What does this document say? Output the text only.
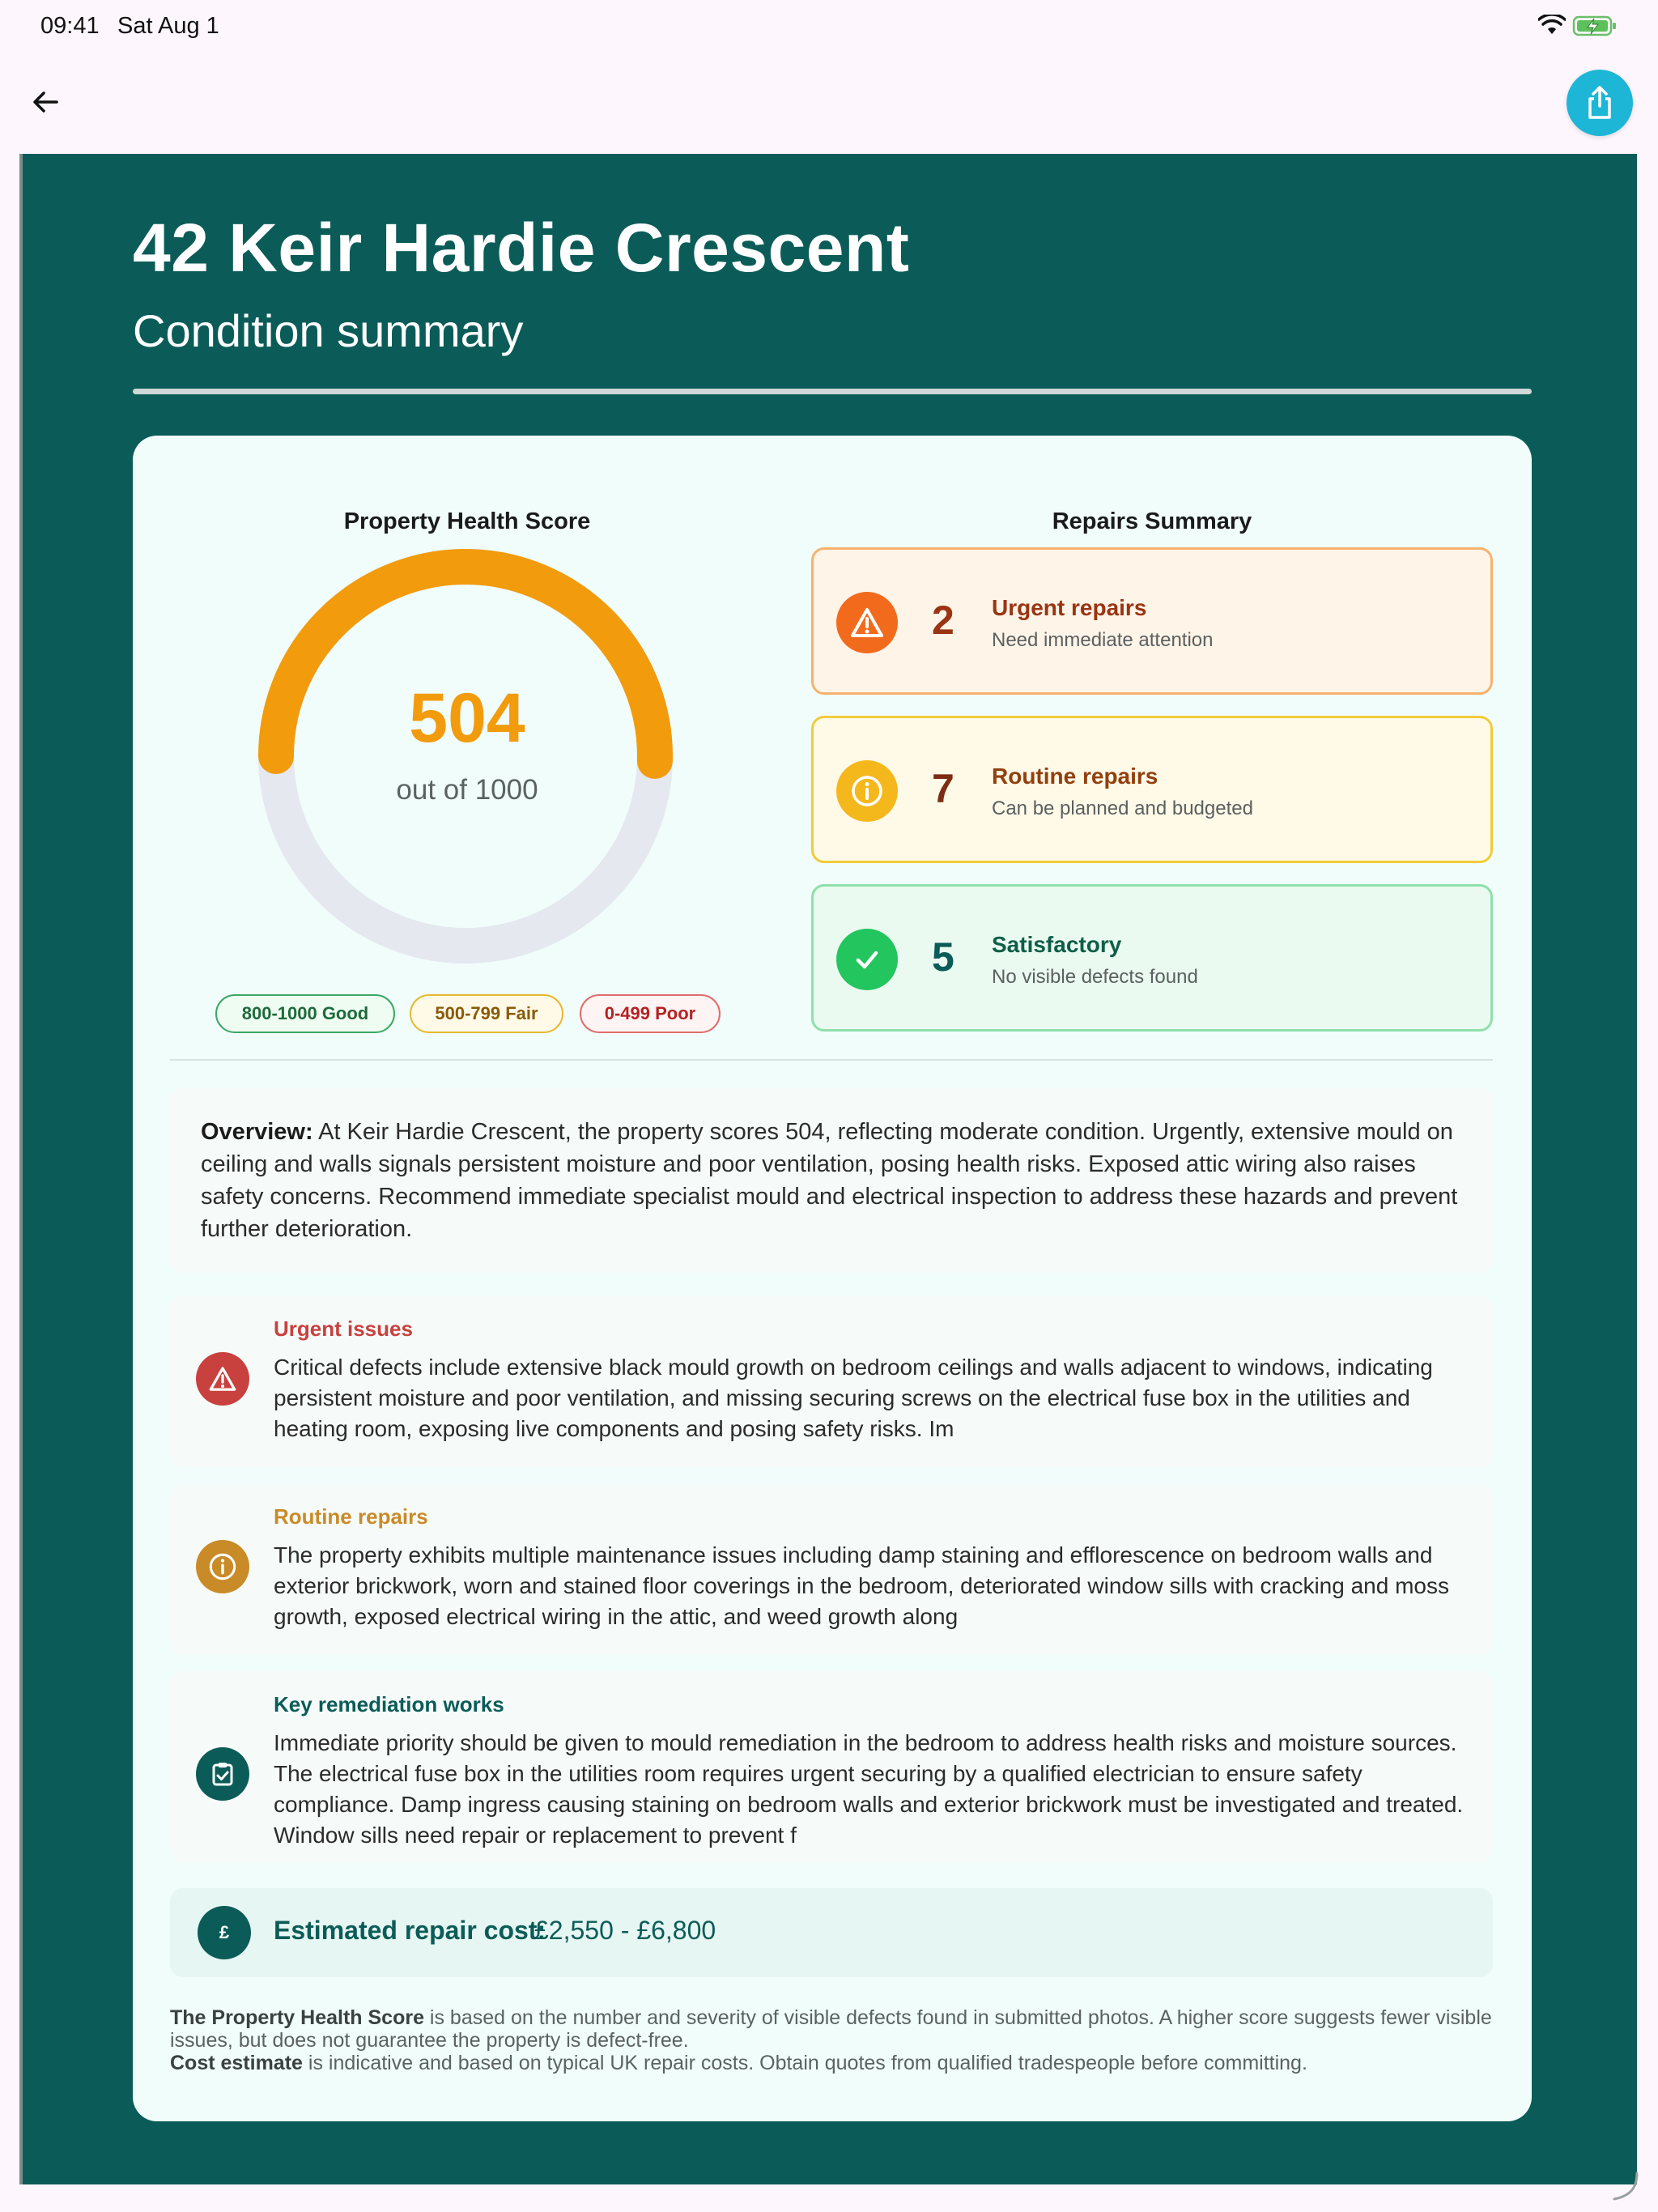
09:41 Sat Aug 1
42 Keir Hardie Crescent
Condition summary
Property Health Score
504
out of 1000
800-1000 Good	500-799 Fair	0-499 Poor
Repairs Summary
2 Urgent repairs
Need immediate attention
7 Routine repairs
Can be planned and budgeted
5 Satisfactory
No visible defects found
Overview: At Keir Hardie Crescent, the property scores 504, reflecting moderate condition. Urgently, extensive mould on ceiling and walls signals persistent moisture and poor ventilation, posing health risks. Exposed attic wiring also raises safety concerns. Recommend immediate specialist mould and electrical inspection to address these hazards and prevent further deterioration.
Urgent issues
Critical defects include extensive black mould growth on bedroom ceilings and walls adjacent to windows, indicating persistent moisture and poor ventilation, and missing securing screws on the electrical fuse box in the utilities and heating room, exposing live components and posing safety risks. Im
Routine repairs
The property exhibits multiple maintenance issues including damp staining and efflorescence on bedroom walls and exterior brickwork, worn and stained floor coverings in the bedroom, deteriorated window sills with cracking and moss growth, exposed electrical wiring in the attic, and weed growth along
Key remediation works
Immediate priority should be given to mould remediation in the bedroom to address health risks and moisture sources. The electrical fuse box in the utilities room requires urgent securing by a qualified electrician to ensure safety compliance. Damp ingress causing staining on bedroom walls and exterior brickwork must be investigated and treated. Window sills need repair or replacement to prevent f
£	Estimated repair cost:
£2,550 - £6,800
The Property Health Score is based on the number and severity of visible defects found in submitted photos. A higher score suggests fewer visible issues, but does not guarantee the property is defect-free.
Cost estimate is indicative and based on typical UK repair costs. Obtain quotes from qualified tradespeople before committing.
